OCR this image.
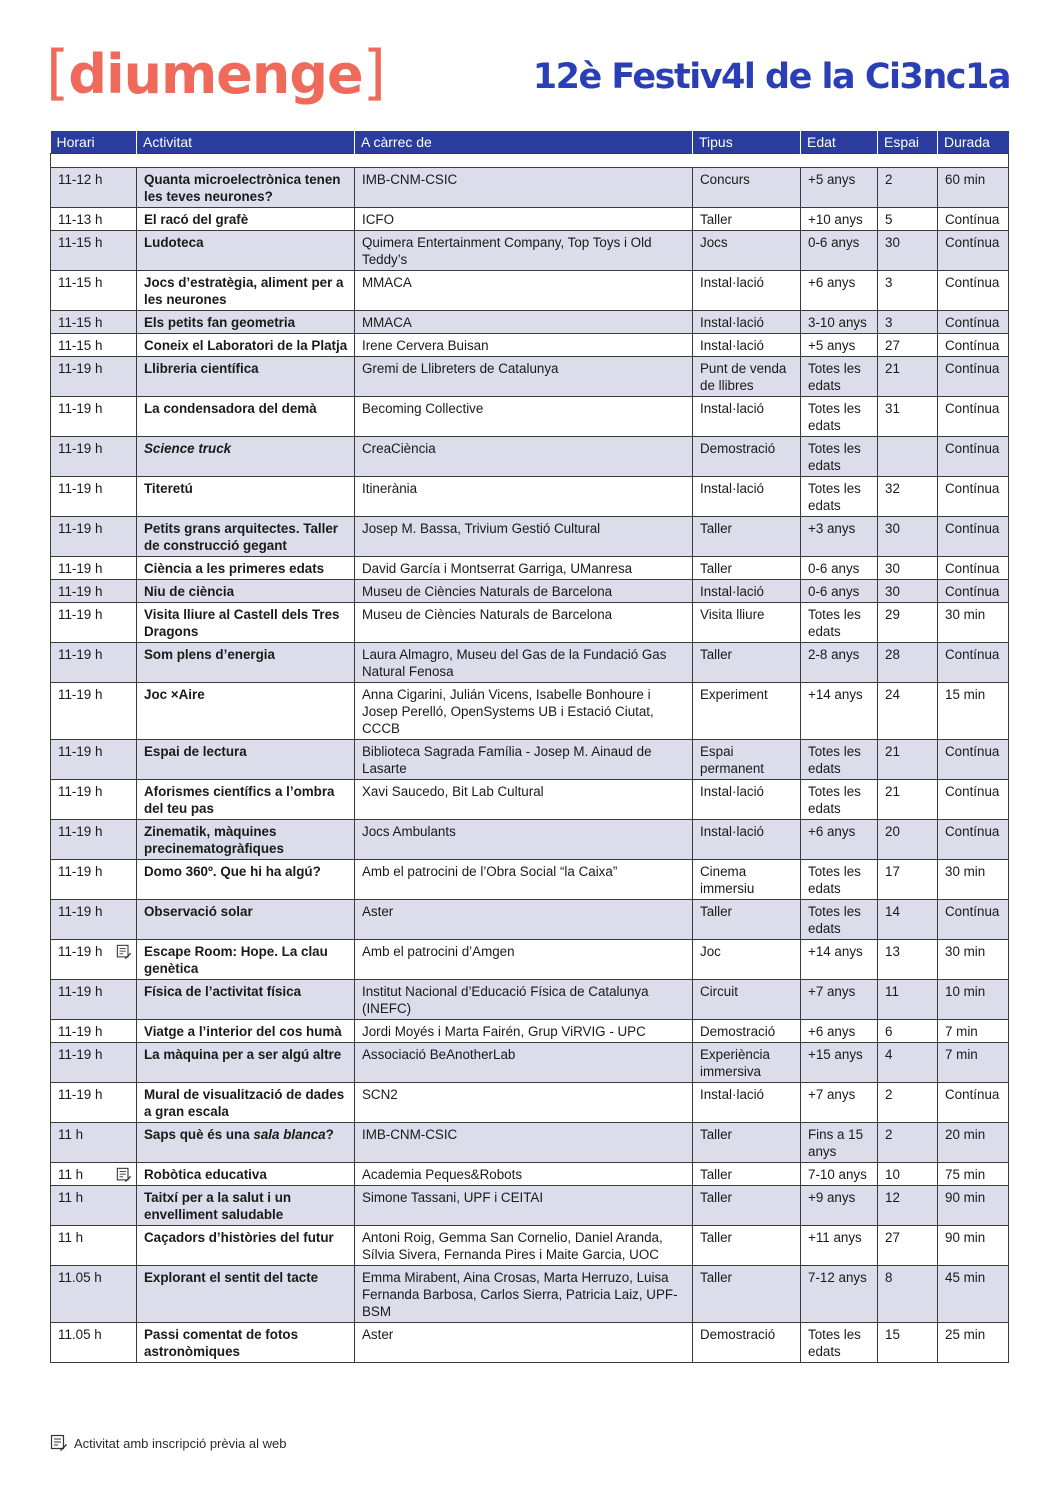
[diumenge]	12è Festiv4l de la Ci3nc1a
Horari	Activitat	A càrrec de	Tipus	Edat	Espai	Durada

11-12 h	Quanta microelectrònica tenen les teves neurones?	IMB-CNM-CSIC	Concurs	+5 anys	2	60 min

11-13 h	El racó del grafè	ICFO	Taller	+10 anys	5	Contínua

11-15 h	Ludoteca	Quimera Entertainment Company, Top Toys i Old Teddy’s	Jocs	0-6 anys	30	Contínua

11-15 h	Jocs d’estratègia, aliment per a les neurones	MMACA	Instal·lació	+6 anys	3	Contínua

11-15 h	Els petits fan geometria	MMACA	Instal·lació	3-10 anys	3	Contínua

11-15 h	Coneix el Laboratori de la Platja	Irene Cervera Buisan	Instal·lació	+5 anys	27	Contínua

11-19 h	Llibreria científica	Gremi de Llibreters de Catalunya	Punt de venda de llibres	Totes les edats	21	Contínua

11-19 h	La condensadora del demà	Becoming Collective	Instal·lació	Totes les edats	31	Contínua

11-19 h	Science truck	CreaCiència	Demostració	Totes les edats		Contínua

11-19 h	Titeretú	Itinerània	Instal·lació	Totes les edats	32	Contínua

11-19 h	Petits grans arquitectes. Taller de construcció gegant	Josep M. Bassa, Trivium Gestió Cultural	Taller	+3 anys	30	Contínua

11-19 h	Ciència a les primeres edats	David García i Montserrat Garriga, UManresa	Taller	0-6 anys	30	Contínua

11-19 h	Niu de ciència	Museu de Ciències Naturals de Barcelona	Instal·lació	0-6 anys	30	Contínua

11-19 h	Visita lliure al Castell dels Tres Dragons	Museu de Ciències Naturals de Barcelona	Visita lliure	Totes les edats	29	30 min

11-19 h	Som plens d’energia	Laura Almagro, Museu del Gas de la Fundació Gas Natural Fenosa	Taller	2-8 anys	28	Contínua

11-19 h	Joc ×Aire	Anna Cigarini, Julián Vicens, Isabelle Bonhoure i Josep Perelló, OpenSystems UB i Estació Ciutat, CCCB	Experiment	+14 anys	24	15 min

11-19 h	Espai de lectura	Biblioteca Sagrada Família - Josep M. Ainaud de Lasarte	Espai permanent	Totes les edats	21	Contínua

11-19 h	Aforismes científics a l’ombra del teu pas	Xavi Saucedo, Bit Lab Cultural	Instal·lació	Totes les edats	21	Contínua

11-19 h	Zinematik, màquines precinematogràfiques	Jocs Ambulants	Instal·lació	+6 anys	20	Contínua

11-19 h	Domo 360º. Que hi ha algú?	Amb el patrocini de l’Obra Social “la Caixa”	Cinema immersiu	Totes les edats	17	30 min

11-19 h	Observació solar	Aster	Taller	Totes les edats	14	Contínua

11-19 h	Escape Room: Hope. La clau genètica	Amb el patrocini d’Amgen	Joc	+14 anys	13	30 min

11-19 h	Física de l’activitat física	Institut Nacional d’Educació Física de Catalunya (INEFC)	Circuit	+7 anys	11	10 min

11-19 h	Viatge a l’interior del cos humà	Jordi Moyés i Marta Fairén, Grup ViRVIG - UPC	Demostració	+6 anys	6	7 min

11-19 h	La màquina per a ser algú altre	Associació BeAnotherLab	Experiència immersiva	+15 anys	4	7 min

11-19 h	Mural de visualització de dades a gran escala	SCN2	Instal·lació	+7 anys	2	Contínua

11 h	Saps què és una sala blanca?	IMB-CNM-CSIC	Taller	Fins a 15 anys	2	20 min

11 h	Robòtica educativa	Academia Peques&Robots	Taller	7-10 anys	10	75 min

11 h	Taitxí per a la salut i un envelliment saludable	Simone Tassani, UPF i CEITAI	Taller	+9 anys	12	90 min

11 h	Caçadors d’històries del futur	Antoni Roig, Gemma San Cornelio, Daniel Aranda, Sílvia Sivera, Fernanda Pires i Maite Garcia, UOC	Taller	+11 anys	27	90 min

11.05 h	Explorant el sentit del tacte	Emma Mirabent, Aina Crosas, Marta Herruzo, Luisa Fernanda Barbosa, Carlos Sierra, Patricia Laiz, UPF-BSM	Taller	7-12 anys	8	45 min

11.05 h	Passi comentat de fotos astronòmiques	Aster	Demostració	Totes les edats	15	25 min
Activitat amb inscripció prèvia al web
